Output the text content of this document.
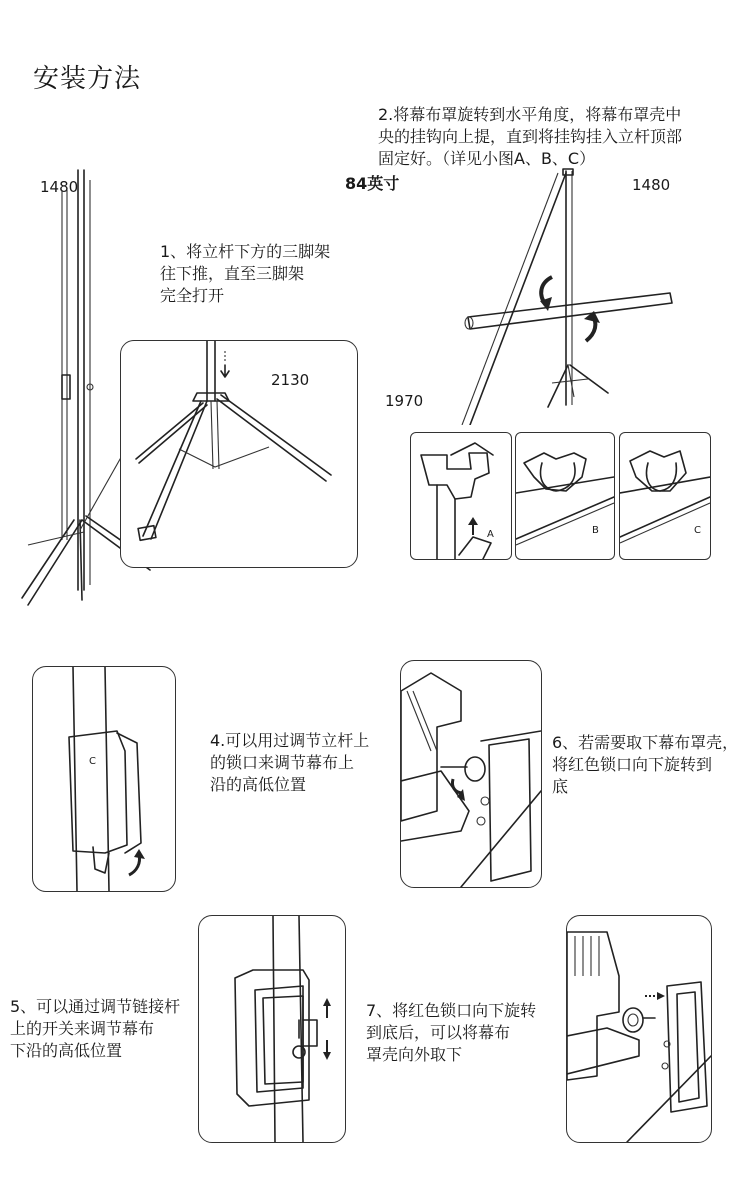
安装方法
1480
1、将立杆下方的三脚架
往下推，直至三脚架
完全打开
2130
2.将幕布罩旋转到水平角度，将幕布罩壳中
央的挂钩向上提，直到将挂钩挂入立杆顶部
固定好。（详见小图A、B、C）
84英寸	1480
1970
A	B	C
C
4.可以用过调节立杆上
的锁口来调节幕布上
沿的高低位置
6、若需要取下幕布罩壳，
将红色锁口向下旋转到
底
5、可以通过调节链接杆
上的开关来调节幕布
下沿的高低位置
7、将红色锁口向下旋转
到底后，可以将幕布
罩壳向外取下
